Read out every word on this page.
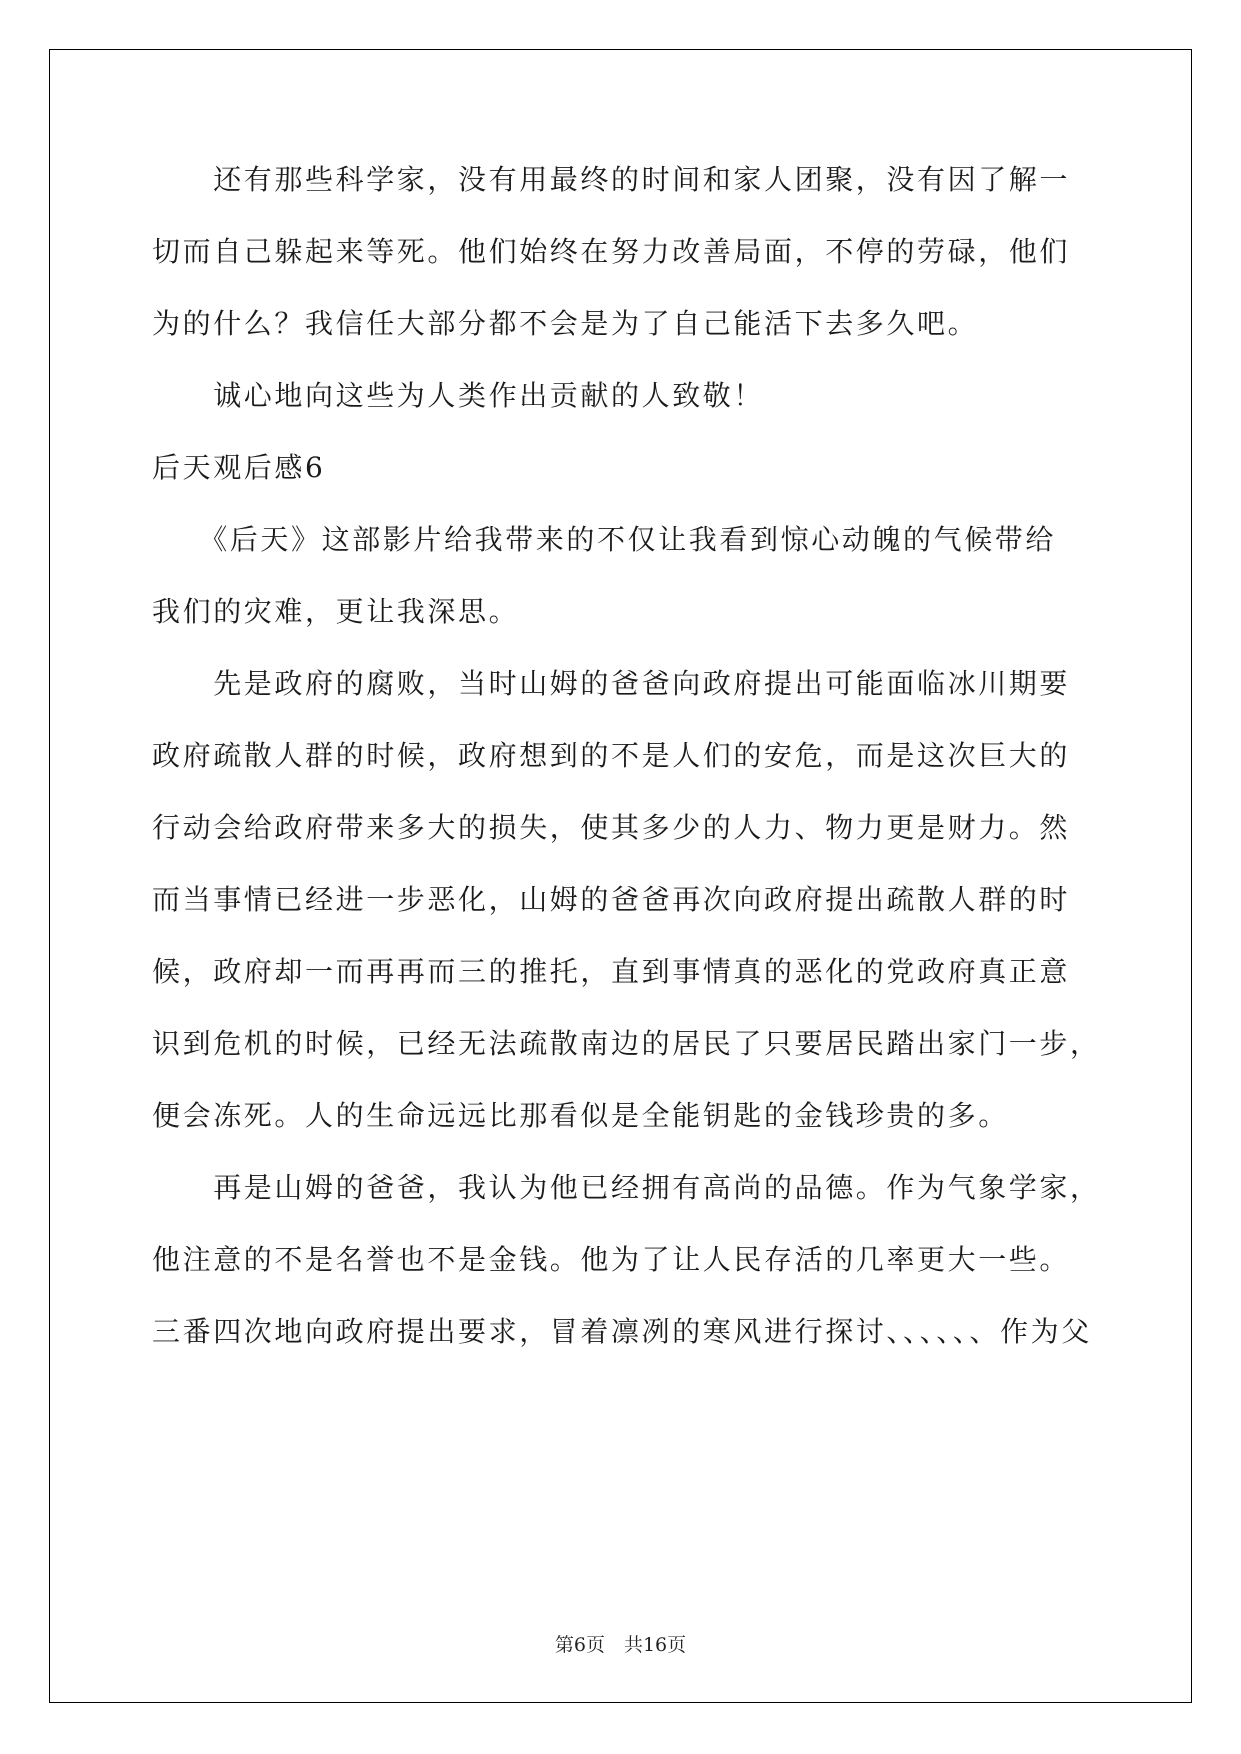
　　还有那些科学家，没有用最终的时间和家人团聚，没有因了解一
切而自己躲起来等死。他们始终在努力改善局面，不停的劳碌，他们
为的什么？我信任大部分都不会是为了自己能活下去多久吧。
　　诚心地向这些为人类作出贡献的人致敬！
后天观后感6
　　《后天》这部影片给我带来的不仅让我看到惊心动魄的气候带给
我们的灾难，更让我深思。
　　先是政府的腐败，当时山姆的爸爸向政府提出可能面临冰川期要
政府疏散人群的时候，政府想到的不是人们的安危，而是这次巨大的
行动会给政府带来多大的损失，使其多少的人力、物力更是财力。然
而当事情已经进一步恶化，山姆的爸爸再次向政府提出疏散人群的时
候，政府却一而再再而三的推托，直到事情真的恶化的党政府真正意
识到危机的时候，已经无法疏散南边的居民了只要居民踏出家门一步，
便会冻死。人的生命远远比那看似是全能钥匙的金钱珍贵的多。
　　再是山姆的爸爸，我认为他已经拥有高尚的品德。作为气象学家，
他注意的不是名誉也不是金钱。他为了让人民存活的几率更大一些。
三番四次地向政府提出要求，冒着凛冽的寒风进行探讨、、、、、、作为父
第6页　共16页
